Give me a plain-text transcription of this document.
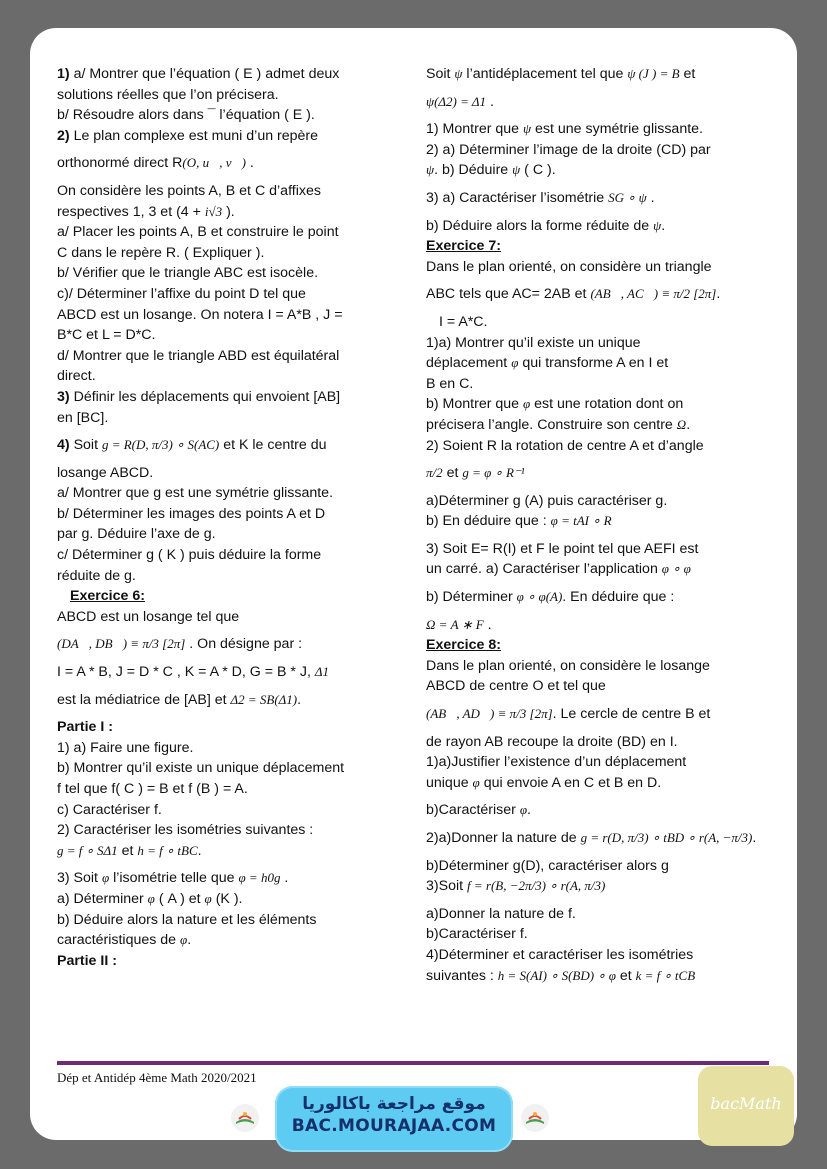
1) a/ Montrer que l’équation ( E ) admet deux

solutions réelles que l’on précisera.

b/ Résoudre alors dans ¯ l’équation ( E ).

2) Le plan complexe est muni d’un repère

orthonormé direct R(O, u⃗, v⃗) .

On considère les points A, B et C d’affixes

respectives 1, 3 et (4 + i√3 ).

a/ Placer les points A, B et construire le point

C dans le repère R. ( Expliquer ).

b/ Vérifier que le triangle ABC est isocèle.

c)/ Déterminer l’affixe du point D tel que

ABCD est un losange. On notera I = A*B , J =

B*C et L = D*C.

d/ Montrer que le triangle ABD est équilatéral

direct.

3) Définir les déplacements qui envoient [AB]

en [BC].

4) Soit g = R(D, π/3) ∘ S(AC) et K le centre du

losange ABCD.

a/ Montrer que g est une symétrie glissante.

b/ Déterminer les images des points A et D

par g. Déduire l’axe de g.

c/ Déterminer g ( K ) puis déduire la forme

réduite de g.

Exercice 6:

ABCD est un losange tel que

(DA⃗, DB⃗) ≡ π/3 [2π] . On désigne par :

I = A * B, J = D * C , K = A * D, G = B * J, Δ1

est la médiatrice de [AB] et Δ2 = SB(Δ1).

Partie I :

1) a) Faire une figure.

b) Montrer qu’il existe un unique déplacement

f tel que f( C ) = B et f (B ) = A.

c) Caractériser f.

2) Caractériser les isométries suivantes :

g = f ∘ SΔ1 et h = f ∘ tBC.

3) Soit φ l’isométrie telle que φ = h0g .

a) Déterminer φ ( A ) et φ (K ).

b) Déduire alors la nature et les éléments

caractéristiques de φ.

Partie II :

Soit ψ l’antidéplacement tel que ψ (J ) = B et

ψ(Δ2) = Δ1 .

1) Montrer que ψ est une symétrie glissante.

2) a) Déterminer l’image de la droite (CD) par

ψ. b) Déduire ψ ( C ).

3) a) Caractériser l’isométrie SG ∘ ψ .

b) Déduire alors la forme réduite de ψ.

Exercice 7:

Dans le plan orienté, on considère un triangle

ABC tels que AC= 2AB et (AB⃗, AC⃗) ≡ π/2 [2π].

I = A*C.

1)a) Montrer qu’il existe un unique

déplacement φ qui transforme A en I et

B en C.

b) Montrer que φ est une rotation dont on

précisera l’angle. Construire son centre Ω.

2) Soient R la rotation de centre A et d’angle

π/2 et g = φ ∘ R⁻¹

a)Déterminer g (A) puis caractériser g.

b) En déduire que : φ = tAI ∘ R

3) Soit E= R(I) et F le point tel que AEFI est

un carré. a) Caractériser l’application φ ∘ φ

b) Déterminer φ ∘ φ(A). En déduire que :

Ω = A ∗ F .

Exercice 8:

Dans le plan orienté, on considère le losange

ABCD de centre O et tel que

(AB⃗, AD⃗) ≡ π/3 [2π]. Le cercle de centre B et

de rayon AB recoupe la droite (BD) en I.

1)a)Justifier l’existence d’un déplacement

unique φ qui envoie A en C et B en D.

b)Caractériser φ.

2)a)Donner la nature de g = r(D, π/3) ∘ tBD ∘ r(A, −π/3).

b)Déterminer g(D), caractériser alors g

3)Soit f = r(B, −2π/3) ∘ r(A, π/3)

a)Donner la nature de f.

b)Caractériser f.

4)Déterminer et caractériser les isométries

suivantes : h = S(AI) ∘ S(BD) ∘ φ et k = f ∘ tCB

Dép et Antidép 4ème Math 2020/2021
موقع مراجعة باكالوريا
BAC.MOURAJAA.COM
bacMath
